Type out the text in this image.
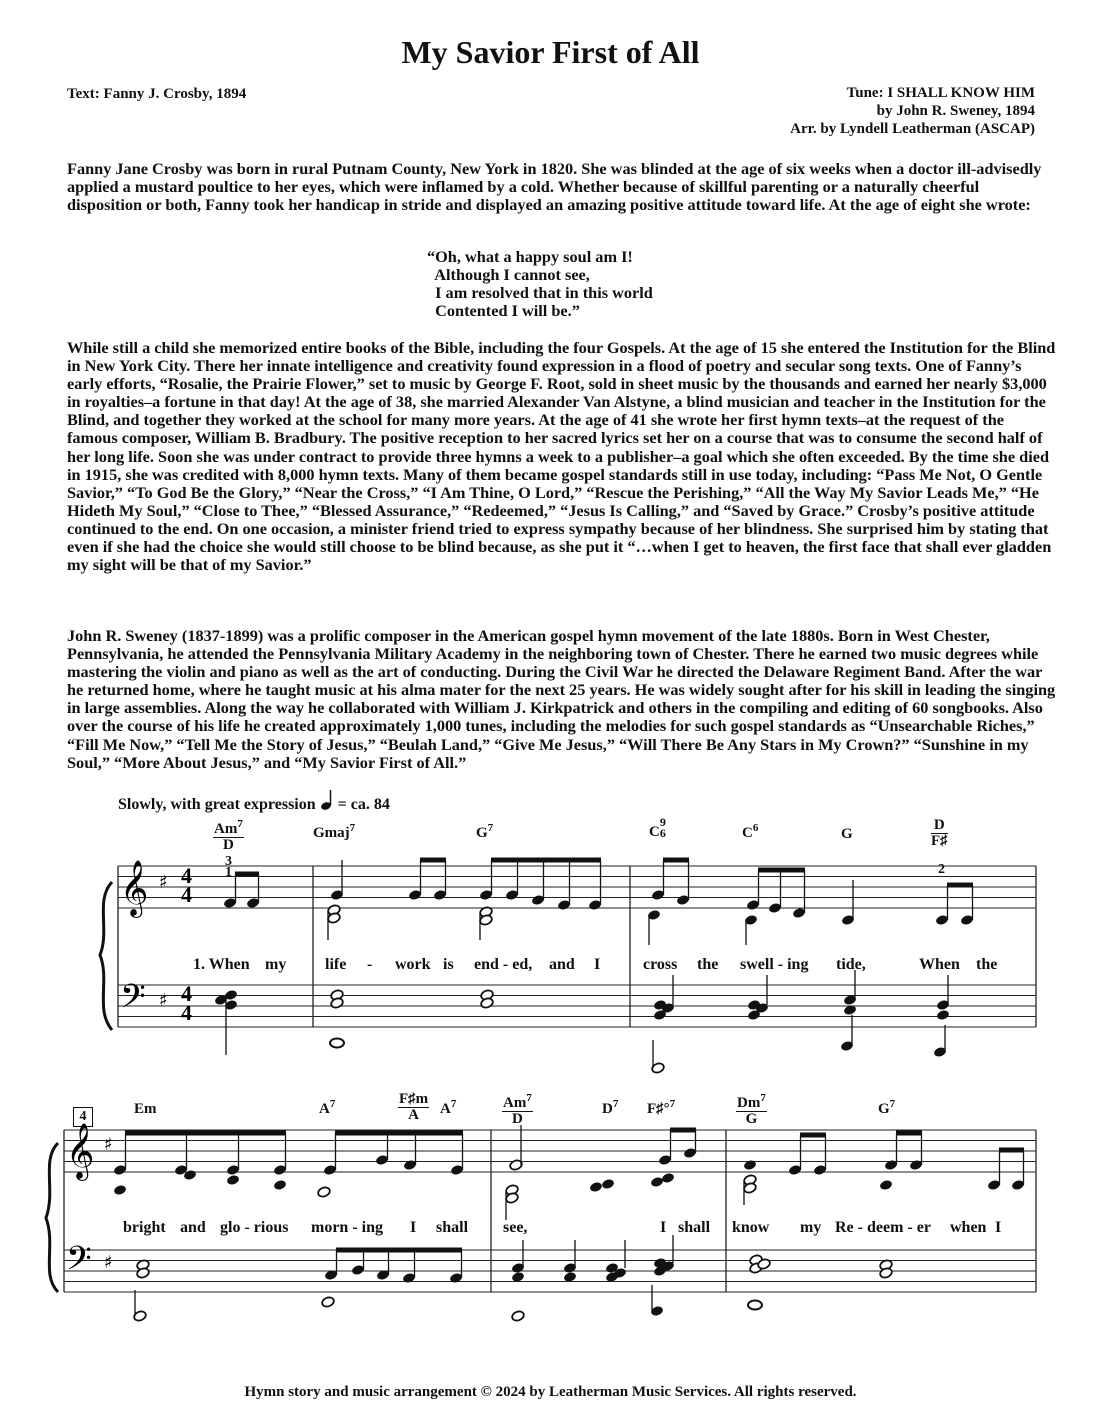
My Savior First of All
Text: Fanny J. Crosby, 1894	Tune: I SHALL KNOW HIM
by John R. Sweney, 1894
Arr. by Lyndell Leatherman (ASCAP)

Fanny Jane Crosby was born in rural Putnam County, New York in 1820. She was blinded at the age of six weeks when a doctor ill-advisedly applied a mustard poultice to her eyes, which were inflamed by a cold. Whether because of skillful parenting or a naturally cheerful disposition or both, Fanny took her handicap in stride and displayed an amazing positive attitude toward life. At the age of eight she wrote:

“Oh, what a happy soul am I!
Although I cannot see,
I am resolved that in this world
Contented I will be.”

While still a child she memorized entire books of the Bible, including the four Gospels. At the age of 15 she entered the Institution for the Blind in New York City. There her innate intelligence and creativity found expression in a flood of poetry and secular song texts. One of Fanny’s early efforts, “Rosalie, the Prairie Flower,” set to music by George F. Root, sold in sheet music by the thousands and earned her nearly $3,000 in royalties–a fortune in that day! At the age of 38, she married Alexander Van Alstyne, a blind musician and teacher in the Institution for the Blind, and together they worked at the school for many more years. At the age of 41 she wrote her first hymn texts–at the request of the famous composer, William B. Bradbury. The positive reception to her sacred lyrics set her on a course that was to consume the second half of her long life. Soon she was under contract to provide three hymns a week to a publisher–a goal which she often exceeded. By the time she died in 1915, she was credited with 8,000 hymn texts. Many of them became gospel standards still in use today, including: “Pass Me Not, O Gentle Savior,” “To God Be the Glory,” “Near the Cross,” “I Am Thine, O Lord,” “Rescue the Perishing,” “All the Way My Savior Leads Me,” “He Hideth My Soul,” “Close to Thee,” “Blessed Assurance,” “Redeemed,” “Jesus Is Calling,” and “Saved by Grace.” Crosby’s positive attitude continued to the end. On one occasion, a minister friend tried to express sympathy because of her blindness. She surprised him by stating that even if she had the choice she would still choose to be blind because, as she put it “…when I get to heaven, the first face that shall ever gladden my sight will be that of my Savior.”

John R. Sweney (1837-1899) was a prolific composer in the American gospel hymn movement of the late 1880s. Born in West Chester, Pennsylvania, he attended the Pennsylvania Military Academy in the neighboring town of Chester. There he earned two music degrees while mastering the violin and piano as well as the art of conducting. During the Civil War he directed the Delaware Regiment Band. After the war he returned home, where he taught music at his alma mater for the next 25 years. He was widely sought after for his skill in leading the singing in large assemblies. Along the way he collaborated with William J. Kirkpatrick and others in the compiling and editing of 60 songbooks. Also over the course of his life he created approximately 1,000 tunes, including the melodies for such gospel standards as “Unsearchable Riches,” “Fill Me Now,” “Tell Me the Story of Jesus,” “Beulah Land,” “Give Me Jesus,” “Will There Be Any Stars in My Crown?” “Sunshine in my Soul,” “More About Jesus,” and “My Savior First of All.”

Slowly, with great expression = ca. 84
$\frac{Am^7}{D}$	Gmaj$^7$	$G^7$	C
9
6	$C^6$	G	$\frac{D}{F♯}$
Em	$A^7$	$\frac{F♯m}{A} A^7$	$\frac{Am^7}{D}$	$D^7$ F♯°$^7$	$\frac{Dm^7}{G}$	$G^7$
3
1	2
4
1. When my life - work is end - ed, and I	cross the swell - ing tide,	When the
bright and glo - rious morn - ing I shall see,	I shall know my Re - deem - er when I
𝄞
𝄢
𝄞
𝄢
♯
♯
♯
♯
4
4
4
4
Hymn story and music arrangement © 2024 by Leatherman Music Services. All rights reserved.
